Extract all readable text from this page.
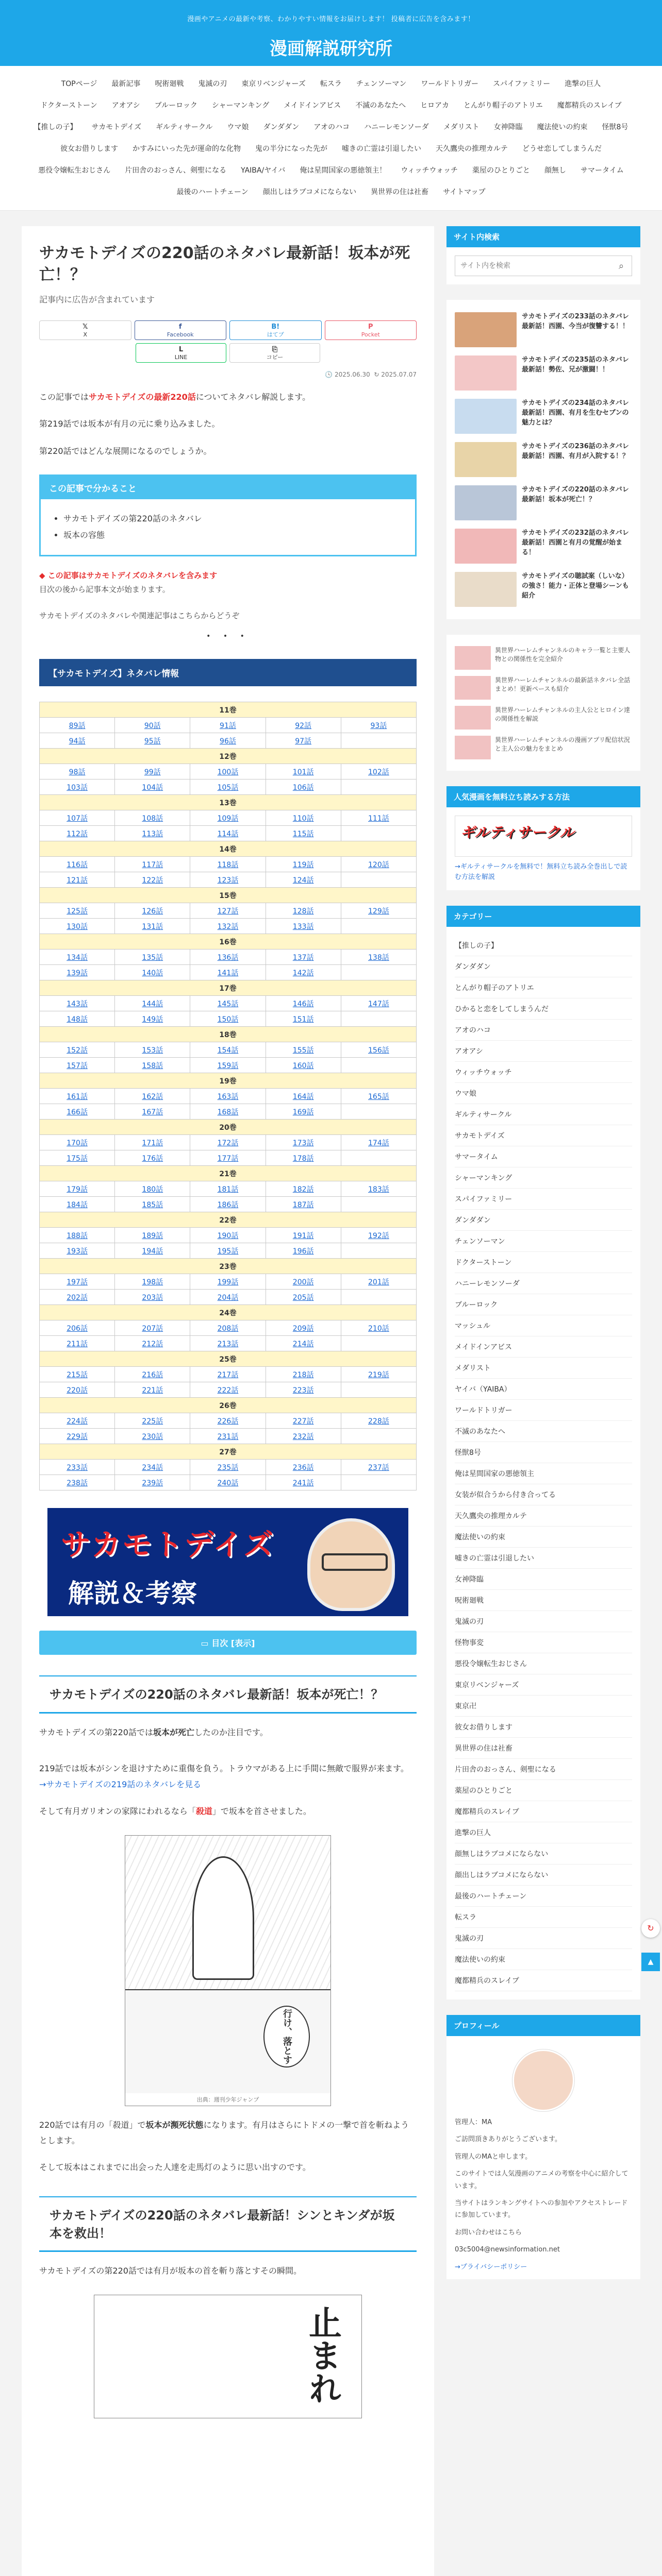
漫画やアニメの最新や考察、わかりやすい情報をお届けします！ 投稿者に広告を含みます！
漫画解説研究所
TOPページ	最新記事	呪術廻戦	鬼滅の刃	東京リベンジャーズ	転スラ	チェンソーマン	ワールドトリガー	スパイファミリー	進撃の巨人
ドクターストーン	アオアシ	ブルーロック	シャーマンキング	メイドインアビス	不滅のあなたへ	ヒロアカ	とんがり帽子のアトリエ	魔都精兵のスレイブ
【推しの子】	サカモトデイズ	ギルティサークル	ウマ娘	ダンダダン	アオのハコ	ハニーレモンソーダ	メダリスト	女神降臨	魔法使いの約束	怪獣8号
彼女お借りします	かすみにいった先が運命的な化物	鬼の半分になった先が	嘘きの亡霊は引退したい	天久鷹央の推理カルテ	どうせ恋してしまうんだ
悪役令嬢転生おじさん	片田舎のおっさん、剣聖になる	YAIBA/ヤイバ	俺は星間国家の悪徳領主！	ウィッチウォッチ	薬屋のひとりごと	顔無し	サマータイム
最後のハートチェーン	顔出しはラブコメにならない	異世界の住は社畜	サイトマップ
サカモトデイズの220話のネタバレ最新話！坂本が死亡！？
記事内に広告が含まれています
𝕏
X
f
Facebook
B!
はてブ
P
Pocket
L
LINE
⎘
コピー
🕓 2025.06.30 ↻ 2025.07.07

この記事ではサカモトデイズの最新220話についてネタバレ解説します。

第219話では坂本が有月の元に乗り込みました。

第220話ではどんな展開になるのでしょうか。

この記事で分かること
• サカモトデイズの第220話のネタバレ
• 坂本の容態
◆ この記事はサカモトデイズのネタバレを含みます
目次の後から記事本文が始まります。
サカモトデイズのネタバレや関連記事はこちらからどうぞ
• • •
【サカモトデイズ】ネタバレ情報
11巻				
89話	90話	91話	92話	93話
94話	95話	96話	97話	
12巻				
98話	99話	100話	101話	102話
103話	104話	105話	106話	
13巻				
107話	108話	109話	110話	111話
112話	113話	114話	115話	
14巻				
116話	117話	118話	119話	120話
121話	122話	123話	124話	
15巻				
125話	126話	127話	128話	129話
130話	131話	132話	133話	
16巻				
134話	135話	136話	137話	138話
139話	140話	141話	142話	
17巻				
143話	144話	145話	146話	147話
148話	149話	150話	151話	
18巻				
152話	153話	154話	155話	156話
157話	158話	159話	160話	
19巻				
161話	162話	163話	164話	165話
166話	167話	168話	169話	
20巻				
170話	171話	172話	173話	174話
175話	176話	177話	178話	
21巻				
179話	180話	181話	182話	183話
184話	185話	186話	187話	
22巻				
188話	189話	190話	191話	192話
193話	194話	195話	196話	
23巻				
197話	198話	199話	200話	201話
202話	203話	204話	205話	
24巻				
206話	207話	208話	209話	210話
211話	212話	213話	214話	
25巻				
215話	216話	217話	218話	219話
220話	221話	222話	223話	
26巻				
224話	225話	226話	227話	228話
229話	230話	231話	232話	
27巻				
233話	234話	235話	236話	237話
238話	239話	240話	241話	
サカモトデイズ
解説＆考察
▭ 目次 [表示]
サカモトデイズの220話のネタバレ最新話！坂本が死亡！？

サカモトデイズの第220話では坂本が死亡したのか注目です。

219話では坂本がシンを退けすために重傷を負う。トラウマがある上に手間に無敵で服界が来ます。
→サカモトデイズの219話のネタバレを見る

そして有月ガリオンの家隊にわれるなら「殺道」で坂本を首させました。

行け、落とす
出典：週刊少年ジャンプ

220話では有月の「殺道」で坂本が瀕死状態になります。有月はさらにトドメの一撃で首を斬ねようとします。

そして坂本はこれまでに出会った人達を走馬灯のように思い出すのです。

サカモトデイズの220話のネタバレ最新話！シンとキンダが坂本を救出！

サカモトデイズの第220話では有月が坂本の首を斬り落とすその瞬間。

止まれ
サイト内検索
サイト内を検索
⌕
サカモトデイズの233話のネタバレ最新話！西園、今当が復讐する！！
サカモトデイズの235話のネタバレ最新話！勢佐、兄が激闘！！
サカモトデイズの234話のネタバレ最新話！西園、有月を生むセブンの魅力とは？
サカモトデイズの236話のネタバレ最新話！西園、有月が入院する！？
サカモトデイズの220話のネタバレ最新話！坂本が死亡！？
サカモトデイズの232話のネタバレ最新話！西園と有月の覚醒が始まる！
サカモトデイズの聴試案（しいな）の強さ！能力・正体と登場シーンも紹介
異世界ハーレムチャンネルのキャラ一覧と主要人物との関係性を完全紹介
異世界ハーレムチャンネルの最新話ネタバレ全話まとめ！更新ペースも紹介
異世界ハーレムチャンネルの主人公とヒロイン達の関係性を解説
異世界ハーレムチャンネルの漫画アプリ配信状況と主人公の魅力をまとめ
人気漫画を無料立ち読みする方法
ギルティサークル
→ギルティサークルを無料で！無料立ち読み全巻出しで読む方法を解説
カテゴリー
【推しの子】
ダンダダン
とんがり帽子のアトリエ
ひかると恋をしてしまうんだ
アオのハコ
アオアシ
ウィッチウォッチ
ウマ娘
ギルティサークル
サカモトデイズ
サマータイム
シャーマンキング
スパイファミリー
ダンダダン
チェンソーマン
ドクターストーン
ハニーレモンソーダ
ブルーロック
マッシュル
メイドインアビス
メダリスト
ヤイバ（YAIBA）
ワールドトリガー
不滅のあなたへ
怪獣8号
俺は星間国家の悪徳領主
女装が似合うから付き合ってる
天久鷹央の推理カルテ
魔法使いの約束
嘘きの亡霊は引退したい
女神降臨
呪術廻戦
鬼滅の刃
怪物事変
悪役令嬢転生おじさん
東京リベンジャーズ
東京卍
彼女お借りします
異世界の住は社畜
片田舎のおっさん、剣聖になる
薬屋のひとりごと
魔都精兵のスレイブ
進撃の巨人
顔無しはラブコメにならない
顔出しはラブコメにならない
最後のハートチェーン
転スラ
鬼滅の刃
魔法使いの約束
魔都精兵のスレイブ
プロフィール

管理人：MA

ご訪問頂きありがとうございます。

管理人のMAと申します。

このサイトでは人気漫画のアニメの考察を中心に紹介しています。

当サイトはランキングサイトへの参加やアクセストレードに参加しています。

お問い合わせはこちら

03c5004@newsinformation.net

→プライバシーポリシー
↻
▲
